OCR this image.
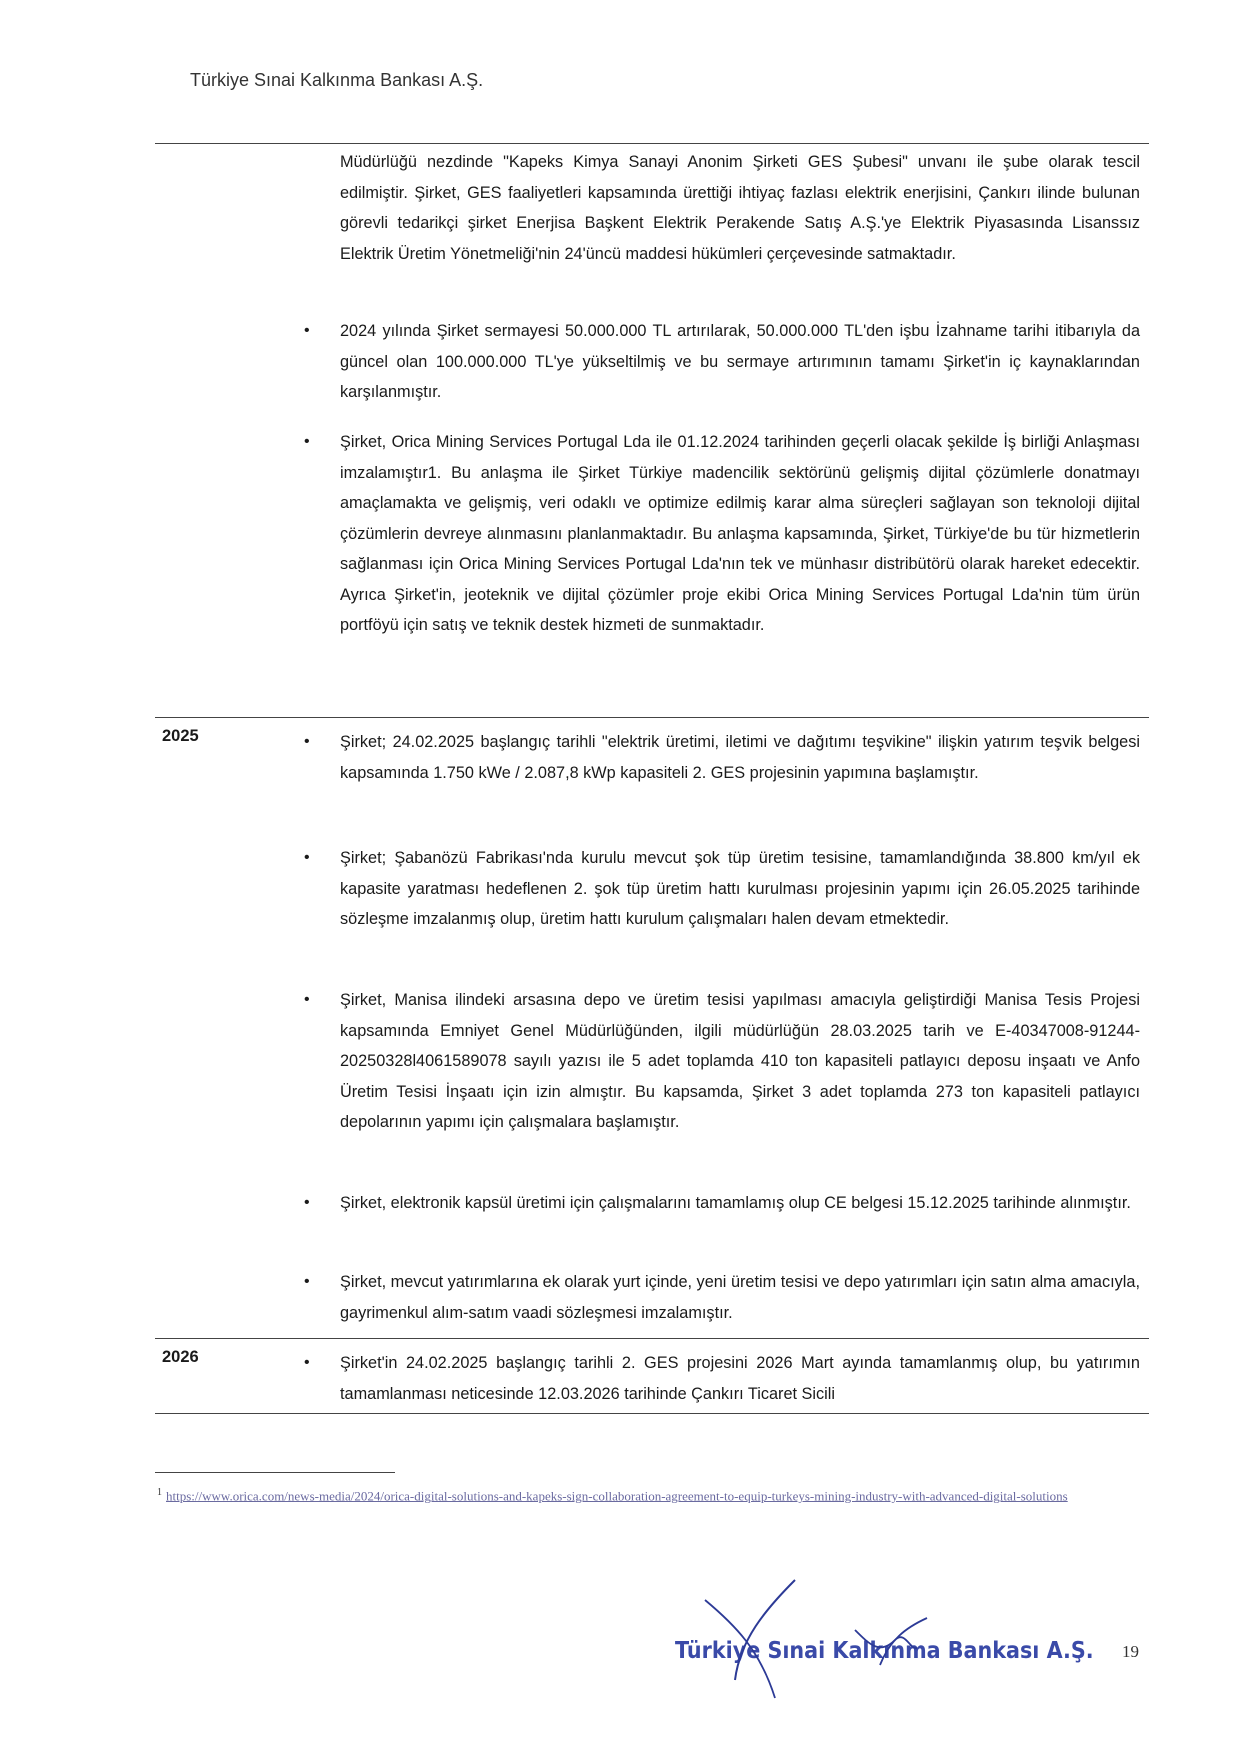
Türkiye Sınai Kalkınma Bankası A.Ş.
Müdürlüğü nezdinde "Kapeks Kimya Sanayi Anonim Şirketi GES Şubesi" unvanı ile şube olarak tescil edilmiştir. Şirket, GES faaliyetleri kapsamında ürettiği ihtiyaç fazlası elektrik enerjisini, Çankırı ilinde bulunan görevli tedarikçi şirket Enerjisa Başkent Elektrik Perakende Satış A.Ş.'ye Elektrik Piyasasında Lisanssız Elektrik Üretim Yönetmeliği'nin 24'üncü maddesi hükümleri çerçevesinde satmaktadır.
• 2024 yılında Şirket sermayesi 50.000.000 TL artırılarak, 50.000.000 TL'den işbu İzahname tarihi itibarıyla da güncel olan 100.000.000 TL'ye yükseltilmiş ve bu sermaye artırımının tamamı Şirket'in iç kaynaklarından karşılanmıştır.
• Şirket, Orica Mining Services Portugal Lda ile 01.12.2024 tarihinden geçerli olacak şekilde İş birliği Anlaşması imzalamıştır1. Bu anlaşma ile Şirket Türkiye madencilik sektörünü gelişmiş dijital çözümlerle donatmayı amaçlamakta ve gelişmiş, veri odaklı ve optimize edilmiş karar alma süreçleri sağlayan son teknoloji dijital çözümlerin devreye alınmasını planlanmaktadır. Bu anlaşma kapsamında, Şirket, Türkiye'de bu tür hizmetlerin sağlanması için Orica Mining Services Portugal Lda'nın tek ve münhasır distribütörü olarak hareket edecektir. Ayrıca Şirket'in, jeoteknik ve dijital çözümler proje ekibi Orica Mining Services Portugal Lda'nin tüm ürün portföyü için satış ve teknik destek hizmeti de sunmaktadır.
2025	• Şirket; 24.02.2025 başlangıç tarihli "elektrik üretimi, iletimi ve dağıtımı teşvikine" ilişkin yatırım teşvik belgesi kapsamında 1.750 kWe / 2.087,8 kWp kapasiteli 2. GES projesinin yapımına başlamıştır.
• Şirket; Şabanözü Fabrikası'nda kurulu mevcut şok tüp üretim tesisine, tamamlandığında 38.800 km/yıl ek kapasite yaratması hedeflenen 2. şok tüp üretim hattı kurulması projesinin yapımı için 26.05.2025 tarihinde sözleşme imzalanmış olup, üretim hattı kurulum çalışmaları halen devam etmektedir.
• Şirket, Manisa ilindeki arsasına depo ve üretim tesisi yapılması amacıyla geliştirdiği Manisa Tesis Projesi kapsamında Emniyet Genel Müdürlüğünden, ilgili müdürlüğün 28.03.2025 tarih ve E-40347008-91244-20250328l4061589078 sayılı yazısı ile 5 adet toplamda 410 ton kapasiteli patlayıcı deposu inşaatı ve Anfo Üretim Tesisi İnşaatı için izin almıştır. Bu kapsamda, Şirket 3 adet toplamda 273 ton kapasiteli patlayıcı depolarının yapımı için çalışmalara başlamıştır.
• Şirket, elektronik kapsül üretimi için çalışmalarını tamamlamış olup CE belgesi 15.12.2025 tarihinde alınmıştır.
• Şirket, mevcut yatırımlarına ek olarak yurt içinde, yeni üretim tesisi ve depo yatırımları için satın alma amacıyla, gayrimenkul alım-satım vaadi sözleşmesi imzalamıştır.
2026	• Şirket'in 24.02.2025 başlangıç tarihli 2. GES projesini 2026 Mart ayında tamamlanmış olup, bu yatırımın tamamlanması neticesinde 12.03.2026 tarihinde Çankırı Ticaret Sicili
$^1$ https://www.orica.com/news-media/2024/orica-digital-solutions-and-kapeks-sign-collaboration-agreement-to-equip-turkeys-mining-industry-with-advanced-digital-solutions
Türkiye Sınai Kalkınma Bankası A.Ş. 19
